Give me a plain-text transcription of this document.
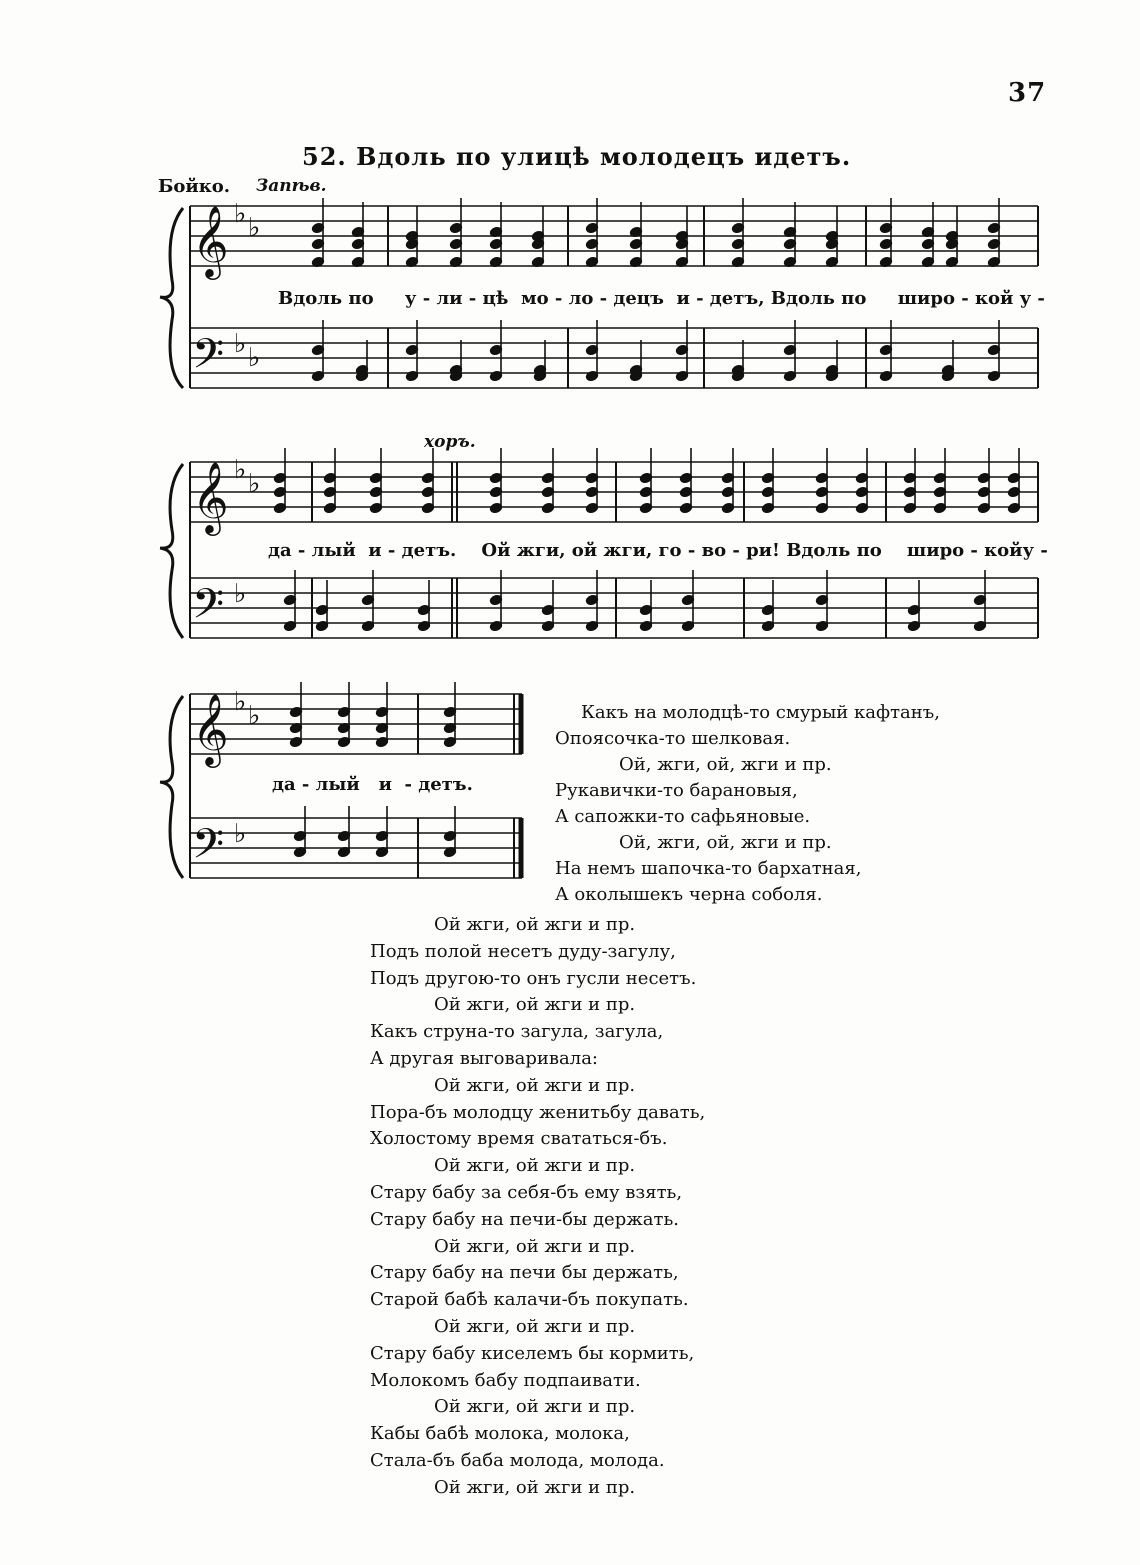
37
52. Вдоль по улицѣ молодецъ идетъ.
Бойко. Запѣв.
хоръ.
𝄞
𝄢
𝄞
𝄢
𝄞
𝄢
♭ ♭
♭ ♭
♭ ♭
♭
♭ ♭
♭
Вдоль по у - ли - цѣ мо - ло - децъ и - детъ, Вдоль по широ - кой у -
да - лый и - детъ. Ой жги, ой жги, го - во - ри! Вдоль по широ - койу -
да - лый и - детъ.
Какъ на молодцѣ-то смурый кафтанъ,
Опоясочка-то шелковая.
Ой, жги, ой, жги и пр.
Рукавички-то барановыя,
А сапожки-то сафьяновые.
Ой, жги, ой, жги и пр.
На немъ шапочка-то бархатная,
А околышекъ черна соболя.
Ой жги, ой жги и пр.
Подъ полой несетъ дуду-загулу,
Подъ другою-то онъ гусли несетъ.
Ой жги, ой жги и пр.
Какъ струна-то загула, загула,
А другая выговаривала:
Ой жги, ой жги и пр.
Пора-бъ молодцу женитьбу давать,
Холостому время свататься-бъ.
Ой жги, ой жги и пр.
Стару бабу за себя-бъ ему взять,
Стару бабу на печи-бы держать.
Ой жги, ой жги и пр.
Стару бабу на печи бы держать,
Старой бабѣ калачи-бъ покупать.
Ой жги, ой жги и пр.
Стару бабу киселемъ бы кормить,
Молокомъ бабу подпаивати.
Ой жги, ой жги и пр.
Кабы бабѣ молока, молока,
Стала-бъ баба молода, молода.
Ой жги, ой жги и пр.
